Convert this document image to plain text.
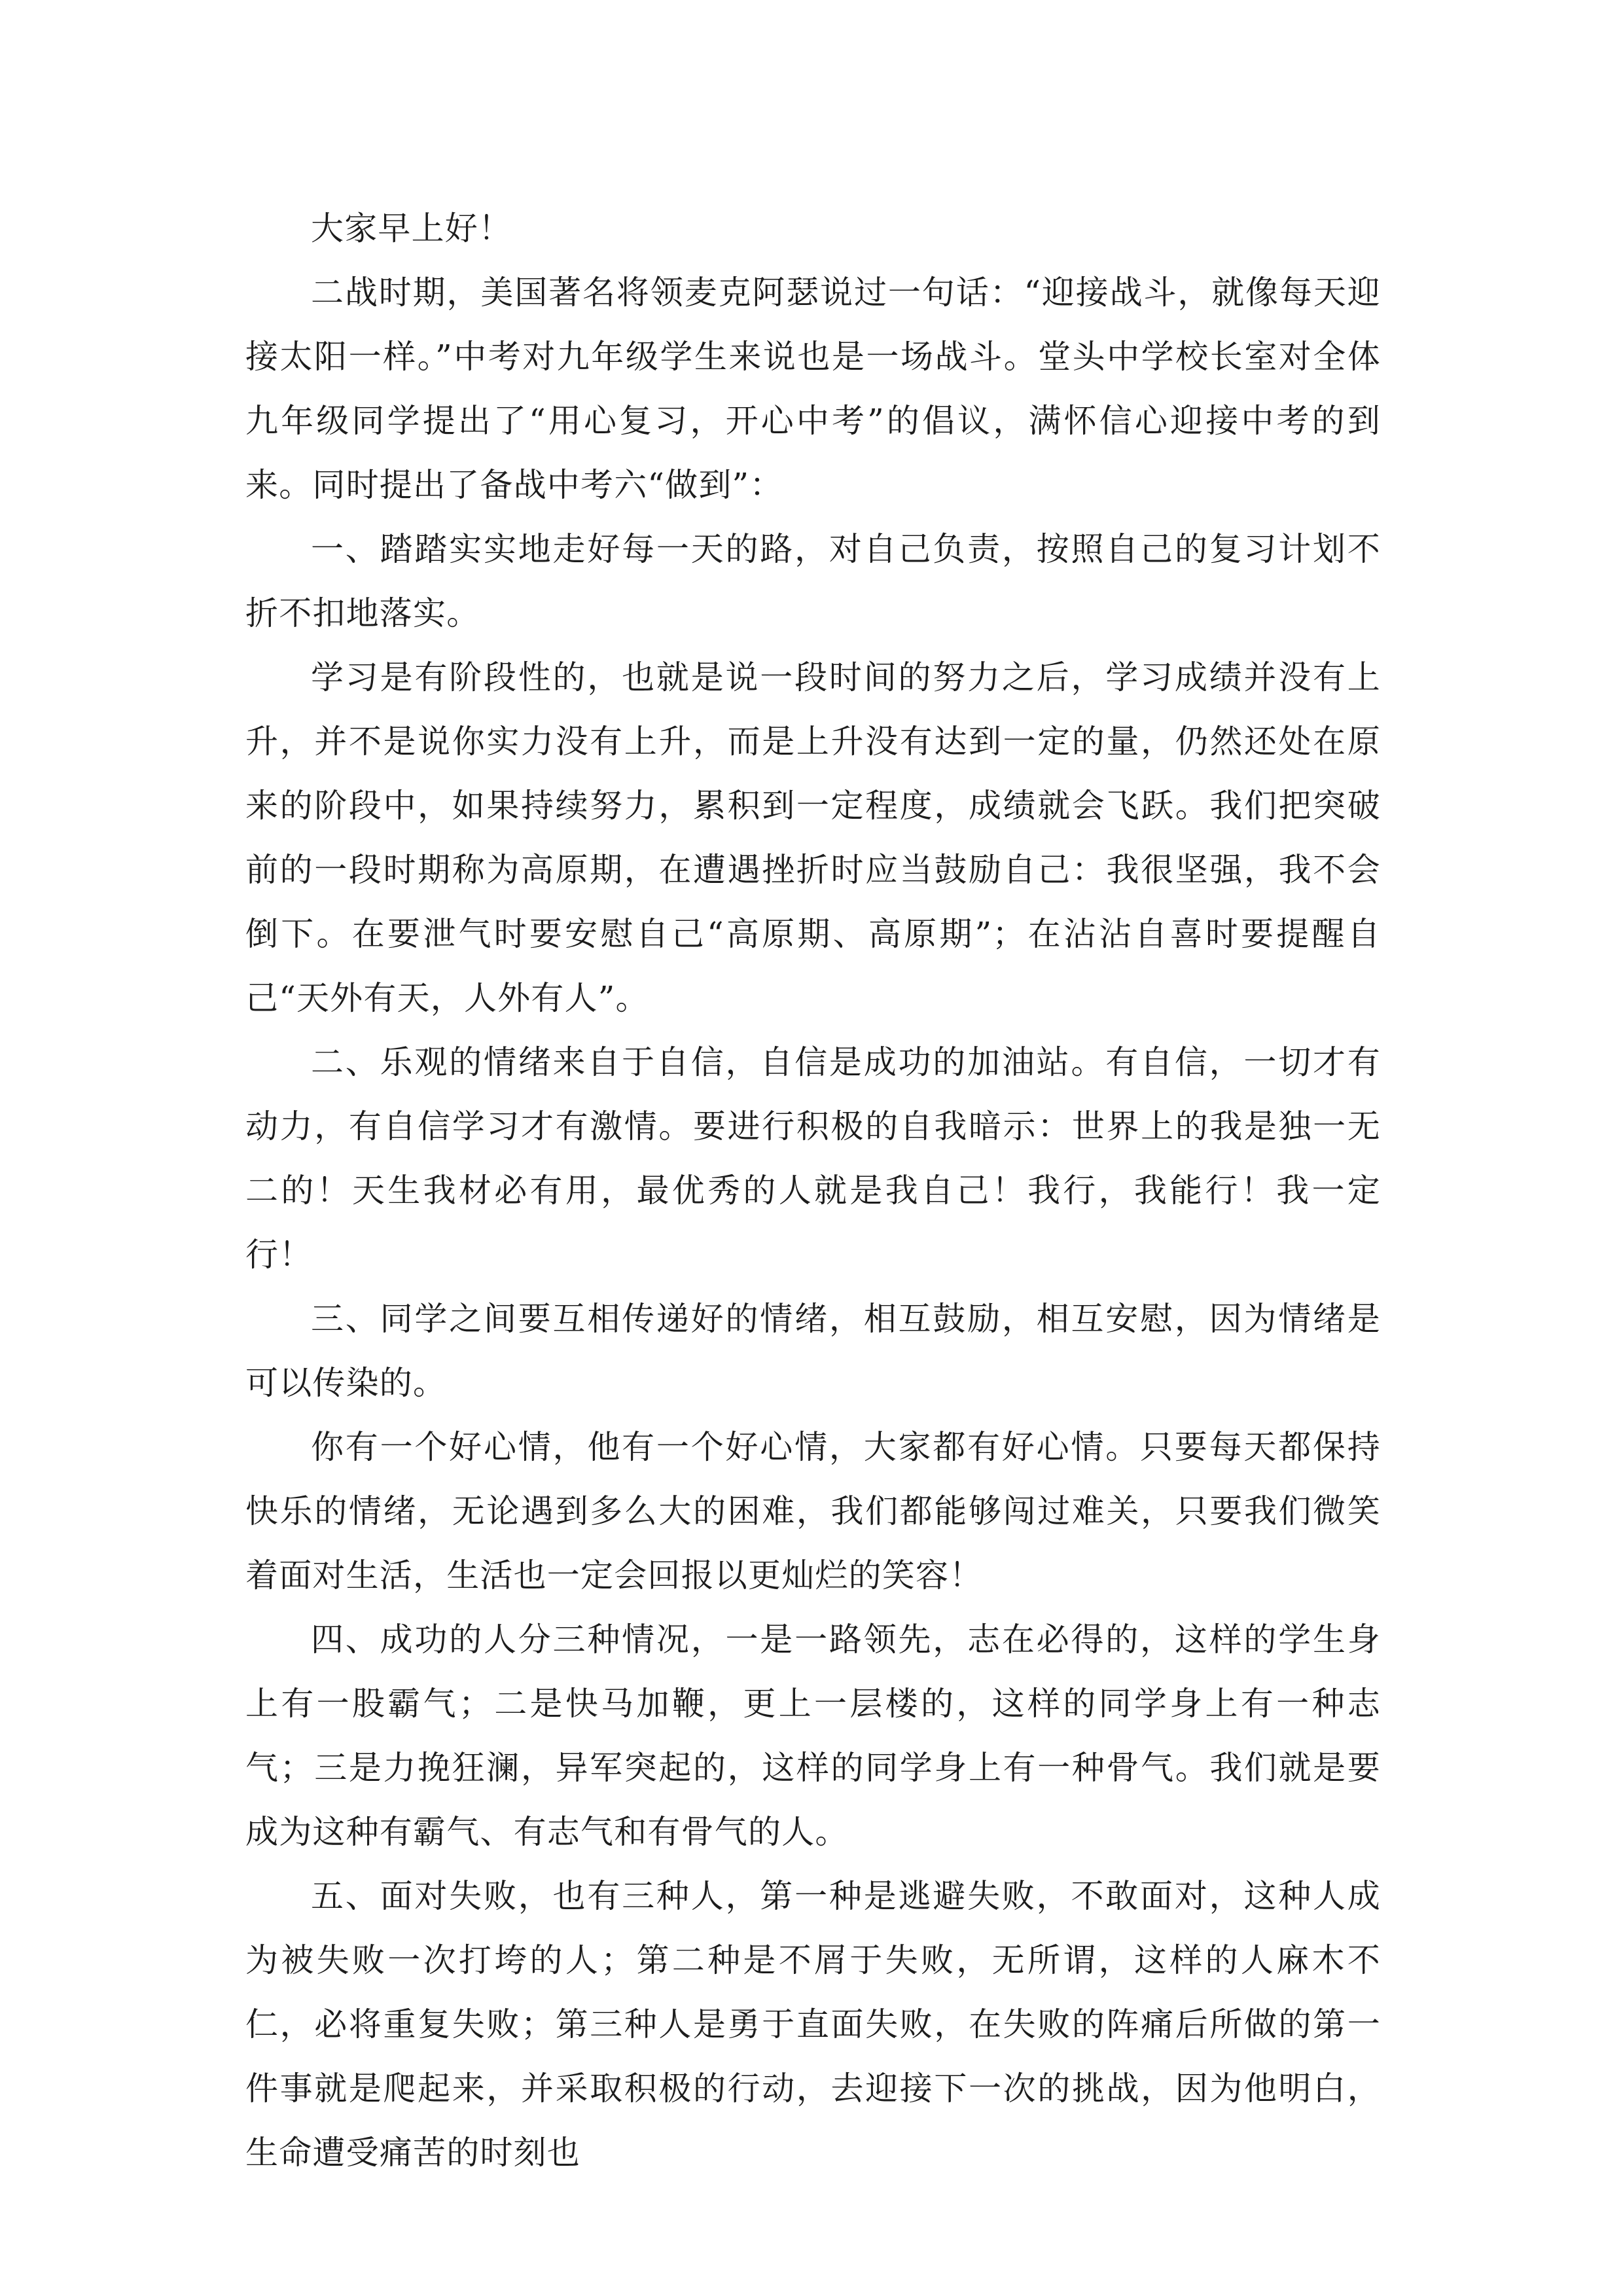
大家早上好！

二战时期，美国著名将领麦克阿瑟说过一句话：“迎接战斗，就像每天迎接太阳一样。”中考对九年级学生来说也是一场战斗。堂头中学校长室对全体九年级同学提出了“用心复习，开心中考”的倡议，满怀信心迎接中考的到来。同时提出了备战中考六“做到”：

一、踏踏实实地走好每一天的路，对自己负责，按照自己的复习计划不折不扣地落实。

学习是有阶段性的，也就是说一段时间的努力之后，学习成绩并没有上升，并不是说你实力没有上升，而是上升没有达到一定的量，仍然还处在原来的阶段中，如果持续努力，累积到一定程度，成绩就会飞跃。我们把突破前的一段时期称为高原期，在遭遇挫折时应当鼓励自己：我很坚强，我不会倒下。在要泄气时要安慰自己“高原期、高原期”；在沾沾自喜时要提醒自己“天外有天，人外有人”。

二、乐观的情绪来自于自信，自信是成功的加油站。有自信，一切才有动力，有自信学习才有激情。要进行积极的自我暗示：世界上的我是独一无二的！天生我材必有用，最优秀的人就是我自己！我行，我能行！我一定行！

三、同学之间要互相传递好的情绪，相互鼓励，相互安慰，因为情绪是可以传染的。

你有一个好心情，他有一个好心情，大家都有好心情。只要每天都保持快乐的情绪，无论遇到多么大的困难，我们都能够闯过难关，只要我们微笑着面对生活，生活也一定会回报以更灿烂的笑容！

四、成功的人分三种情况，一是一路领先，志在必得的，这样的学生身上有一股霸气；二是快马加鞭，更上一层楼的，这样的同学身上有一种志气；三是力挽狂澜，异军突起的，这样的同学身上有一种骨气。我们就是要成为这种有霸气、有志气和有骨气的人。

五、面对失败，也有三种人，第一种是逃避失败，不敢面对，这种人成为被失败一次打垮的人；第二种是不屑于失败，无所谓，这样的人麻木不仁，必将重复失败；第三种人是勇于直面失败，在失败的阵痛后所做的第一件事就是爬起来，并采取积极的行动，去迎接下一次的挑战，因为他明白，生命遭受痛苦的时刻也
